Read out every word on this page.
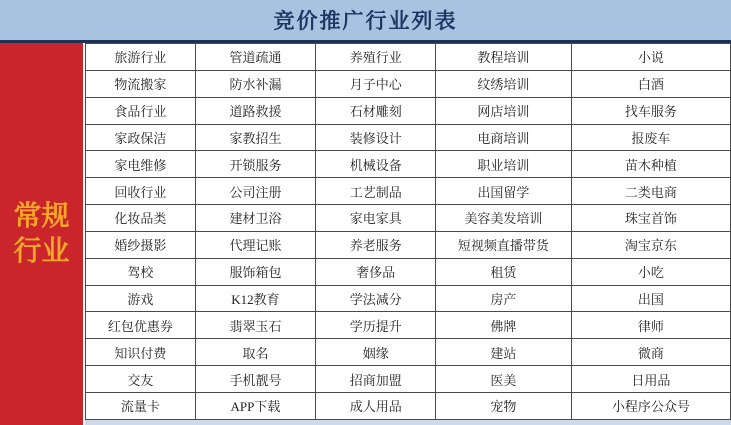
竞价推广行业列表
常规
行业
旅游行业	管道疏通	养殖行业	教程培训	小说
物流搬家	防水补漏	月子中心	纹绣培训	白酒
食品行业	道路救援	石材雕刻	网店培训	找车服务
家政保洁	家教招生	装修设计	电商培训	报废车
家电维修	开锁服务	机械设备	职业培训	苗木种植
回收行业	公司注册	工艺制品	出国留学	二类电商
化妆品类	建材卫浴	家电家具	美容美发培训	珠宝首饰
婚纱摄影	代理记账	养老服务	短视频直播带货	淘宝京东
驾校	服饰箱包	奢侈品	租赁	小吃
游戏	K12教育	学法减分	房产	出国
红包优惠券	翡翠玉石	学历提升	佛牌	律师
知识付费	取名	姻缘	建站	微商
交友	手机靓号	招商加盟	医美	日用品
流量卡	APP下载	成人用品	宠物	小程序公众号
